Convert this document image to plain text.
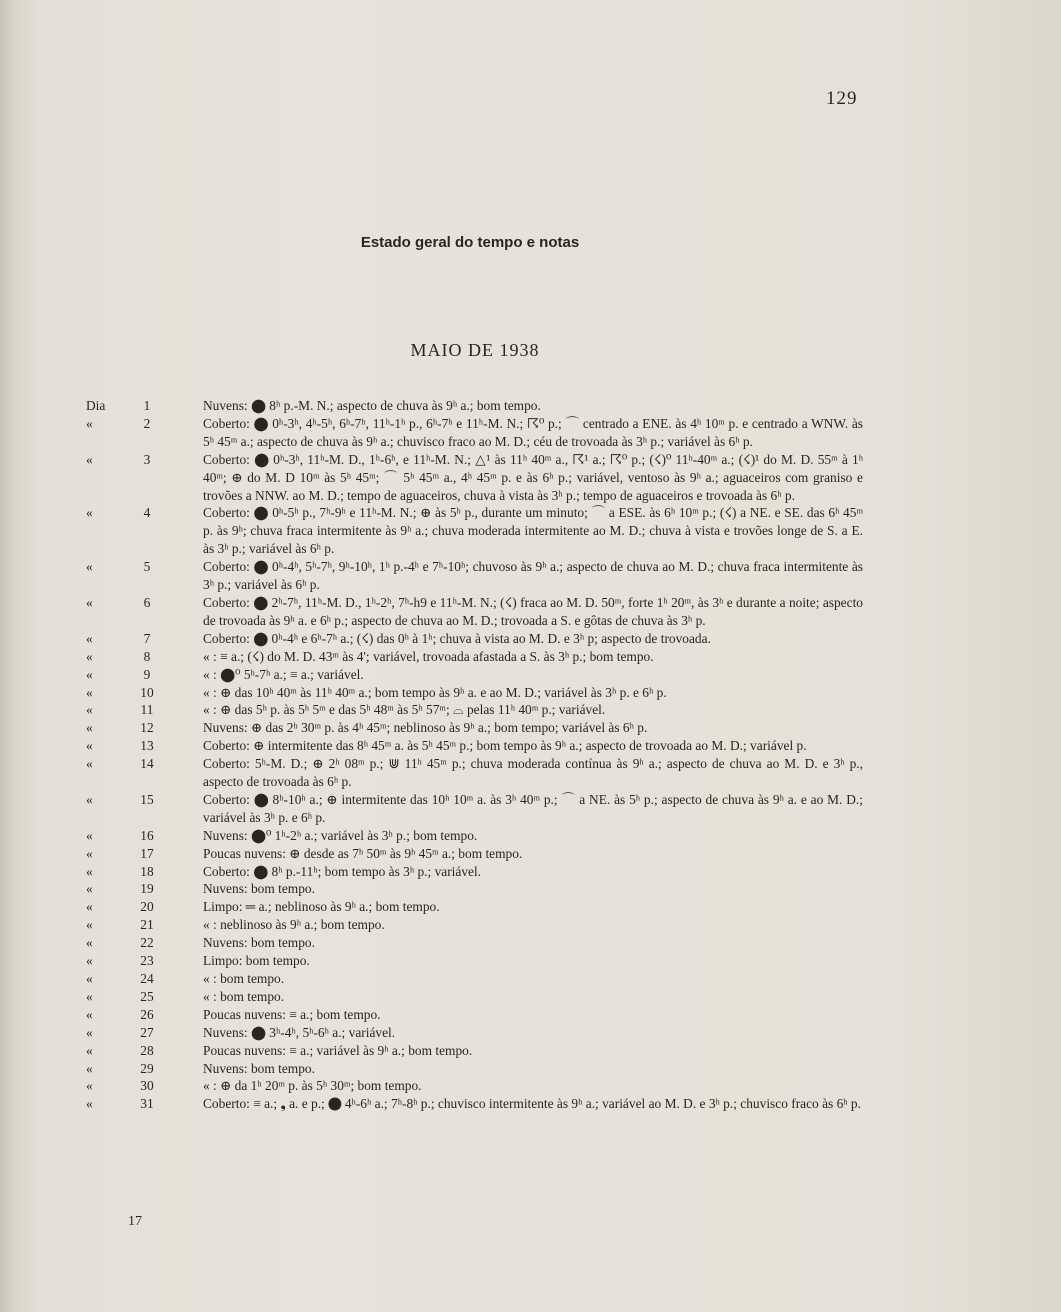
129
Estado geral do tempo e notas
MAIO DE 1938
Dia	1	Nuvens: ⬤ 8ʰ p.-M. N.; aspecto de chuva às 9ʰ a.; bom tempo.
«	2	Coberto: ⬤ 0ʰ-3ʰ, 4ʰ-5ʰ, 6ʰ-7ʰ, 11ʰ-1ʰ p., 6ʰ-7ʰ e 11ʰ-M. N.; ☈⁰ p.; ⌒ centrado a ENE. às 4ʰ 10ᵐ p. e centrado a WNW. às 5ʰ 45ᵐ a.; aspecto de chuva às 9ʰ a.; chuvisco fraco ao M. D.; céu de trovoada às 3ʰ p.; variável às 6ʰ p.
«	3	Coberto: ⬤ 0ʰ-3ʰ, 11ʰ-M. D., 1ʰ-6ʰ, e 11ʰ-M. N.; △¹ às 11ʰ 40ᵐ a., ☈¹ a.; ☈⁰ p.; (☇)⁰ 11ʰ-40ᵐ a.; (☇)¹ do M. D. 55ᵐ à 1ʰ 40ᵐ; ⊕ do M. D 10ᵐ às 5ʰ 45ᵐ; ⌒ 5ʰ 45ᵐ a., 4ʰ 45ᵐ p. e às 6ʰ p.; variável, ventoso às 9ʰ a.; aguaceiros com graniso e trovões a NNW. ao M. D.; tempo de aguaceiros, chuva à vista às 3ʰ p.; tempo de aguaceiros e trovoada às 6ʰ p.
«	4	Coberto: ⬤ 0ʰ-5ʰ p., 7ʰ-9ʰ e 11ʰ-M. N.; ⊕ às 5ʰ p., durante um minuto; ⌒ a ESE. às 6ʰ 10ᵐ p.; (☇) a NE. e SE. das 6ʰ 45ᵐ p. às 9ʰ; chuva fraca intermitente às 9ʰ a.; chuva moderada intermitente ao M. D.; chuva à vista e trovões longe de S. a E. às 3ʰ p.; variável às 6ʰ p.
«	5	Coberto: ⬤ 0ʰ-4ʰ, 5ʰ-7ʰ, 9ʰ-10ʰ, 1ʰ p.-4ʰ e 7ʰ-10ʰ; chuvoso às 9ʰ a.; aspecto de chuva ao M. D.; chuva fraca intermitente às 3ʰ p.; variável às 6ʰ p.
«	6	Coberto: ⬤ 2ʰ-7ʰ, 11ʰ-M. D., 1ʰ-2ʰ, 7ʰ-h9 e 11ʰ-M. N.; (☇) fraca ao M. D. 50ᵐ, forte 1ʰ 20ᵐ, às 3ʰ e durante a noite; aspecto de trovoada às 9ʰ a. e 6ʰ p.; aspecto de chuva ao M. D.; trovoada a S. e gôtas de chuva às 3ʰ p.
«	7	Coberto: ⬤ 0ʰ-4ʰ e 6ʰ-7ʰ a.; (☇) das 0ʰ à 1ʰ; chuva à vista ao M. D. e 3ʰ p; aspecto de trovoada.
«	8	« : ≡ a.; (☇) do M. D. 43ᵐ às 4'; variável, trovoada afastada a S. às 3ʰ p.; bom tempo.
«	9	« : ⬤⁰ 5ʰ-7ʰ a.; ≡ a.; variável.
«	10	« : ⊕ das 10ʰ 40ᵐ às 11ʰ 40ᵐ a.; bom tempo às 9ʰ a. e ao M. D.; variável às 3ʰ p. e 6ʰ p.
«	11	« : ⊕ das 5ʰ p. às 5ʰ 5ᵐ e das 5ʰ 48ᵐ às 5ʰ 57ᵐ; ⌓ pelas 11ʰ 40ᵐ p.; variável.
«	12	Nuvens: ⊕ das 2ʰ 30ᵐ p. às 4ʰ 45ᵐ; neblinoso às 9ʰ a.; bom tempo; variável às 6ʰ p.
«	13	Coberto: ⊕ intermitente das 8ʰ 45ᵐ a. às 5ʰ 45ᵐ p.; bom tempo às 9ʰ a.; aspecto de trovoada ao M. D.; variável p.
«	14	Coberto: 5ʰ-M. D.; ⊕ 2ʰ 08ᵐ p.; ⋓ 11ʰ 45ᵐ p.; chuva moderada contínua às 9ʰ a.; aspecto de chuva ao M. D. e 3ʰ p., aspecto de trovoada às 6ʰ p.
«	15	Coberto: ⬤ 8ʰ-10ʰ a.; ⊕ intermitente das 10ʰ 10ᵐ a. às 3ʰ 40ᵐ p.; ⌒ a NE. às 5ʰ p.; aspecto de chuva às 9ʰ a. e ao M. D.; variável às 3ʰ p. e 6ʰ p.
«	16	Nuvens: ⬤⁰ 1ʰ-2ʰ a.; variável às 3ʰ p.; bom tempo.
«	17	Poucas nuvens: ⊕ desde as 7ʰ 50ᵐ às 9ʰ 45ᵐ a.; bom tempo.
«	18	Coberto: ⬤ 8ʰ p.-11ʰ; bom tempo às 3ʰ p.; variável.
«	19	Nuvens: bom tempo.
«	20	Limpo: ═ a.; neblinoso às 9ʰ a.; bom tempo.
«	21	« : neblinoso às 9ʰ a.; bom tempo.
«	22	Nuvens: bom tempo.
«	23	Limpo: bom tempo.
«	24	« : bom tempo.
«	25	« : bom tempo.
«	26	Poucas nuvens: ≡ a.; bom tempo.
«	27	Nuvens: ⬤ 3ʰ-4ʰ, 5ʰ-6ʰ a.; variável.
«	28	Poucas nuvens: ≡ a.; variável às 9ʰ a.; bom tempo.
«	29	Nuvens: bom tempo.
«	30	« : ⊕ da 1ʰ 20ᵐ p. às 5ʰ 30ᵐ; bom tempo.
«	31	Coberto: ≡ a.; ❟ a. e p.; ⬤ 4ʰ-6ʰ a.; 7ʰ-8ʰ p.; chuvisco intermitente às 9ʰ a.; variável ao M. D. e 3ʰ p.; chuvisco fraco às 6ʰ p.
17
